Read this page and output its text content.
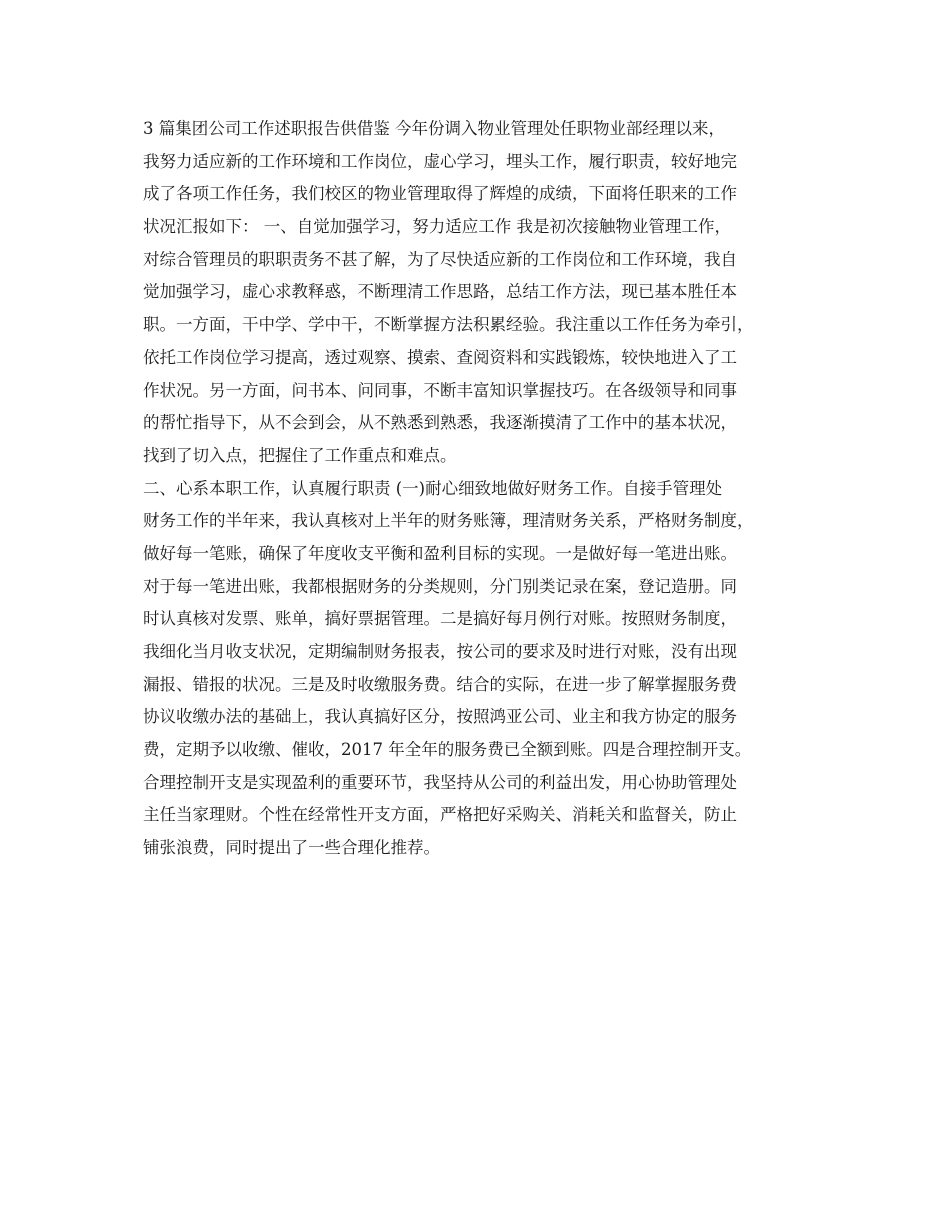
3 篇集团公司工作述职报告供借鉴 今年份调入物业管理处任职物业部经理以来，
我努力适应新的工作环境和工作岗位，虚心学习，埋头工作，履行职责，较好地完
成了各项工作任务，我们校区的物业管理取得了辉煌的成绩，下面将任职来的工作
状况汇报如下： 一、自觉加强学习，努力适应工作 我是初次接触物业管理工作，
对综合管理员的职职责务不甚了解，为了尽快适应新的工作岗位和工作环境，我自
觉加强学习，虚心求教释惑，不断理清工作思路，总结工作方法，现已基本胜任本
职。一方面，干中学、学中干，不断掌握方法积累经验。我注重以工作任务为牵引，
依托工作岗位学习提高，透过观察、摸索、查阅资料和实践锻炼，较快地进入了工
作状况。另一方面，问书本、问同事，不断丰富知识掌握技巧。在各级领导和同事
的帮忙指导下，从不会到会，从不熟悉到熟悉，我逐渐摸清了工作中的基本状况，
找到了切入点，把握住了工作重点和难点。
二、心系本职工作，认真履行职责 (一)耐心细致地做好财务工作。自接手管理处
财务工作的半年来，我认真核对上半年的财务账簿，理清财务关系，严格财务制度，
做好每一笔账，确保了年度收支平衡和盈利目标的实现。一是做好每一笔进出账。
对于每一笔进出账，我都根据财务的分类规则，分门别类记录在案，登记造册。同
时认真核对发票、账单，搞好票据管理。二是搞好每月例行对账。按照财务制度，
我细化当月收支状况，定期编制财务报表，按公司的要求及时进行对账，没有出现
漏报、错报的状况。三是及时收缴服务费。结合的实际，在进一步了解掌握服务费
协议收缴办法的基础上，我认真搞好区分，按照鸿亚公司、业主和我方协定的服务
费，定期予以收缴、催收，2017 年全年的服务费已全额到账。四是合理控制开支。
合理控制开支是实现盈利的重要环节，我坚持从公司的利益出发，用心协助管理处
主任当家理财。个性在经常性开支方面，严格把好采购关、消耗关和监督关，防止
铺张浪费，同时提出了一些合理化推荐。
